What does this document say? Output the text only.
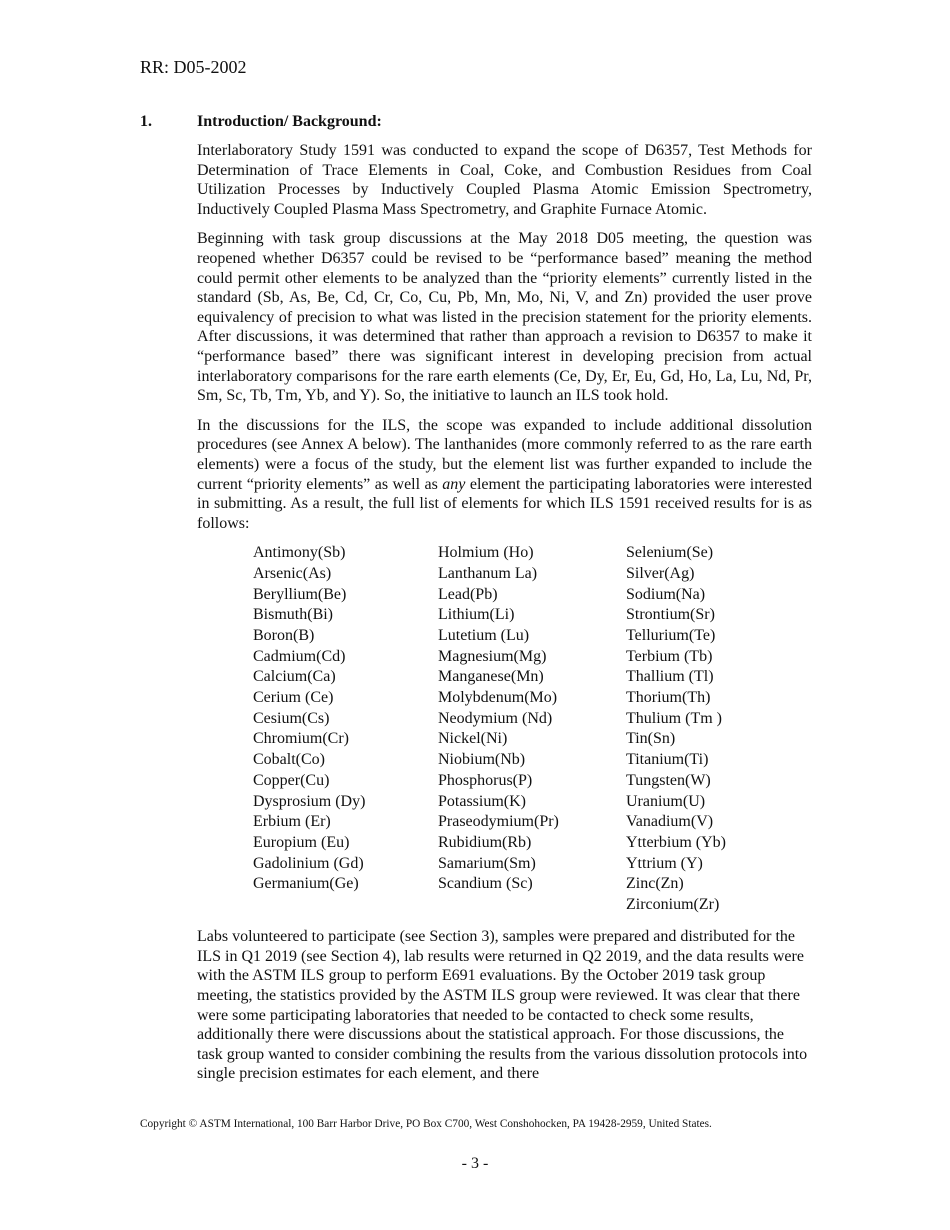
RR: D05-2002
1.	Introduction/ Background:

Interlaboratory Study 1591 was conducted to expand the scope of D6357, Test Methods for Determination of Trace Elements in Coal, Coke, and Combustion Residues from Coal Utilization Processes by Inductively Coupled Plasma Atomic Emission Spectrometry, Inductively Coupled Plasma Mass Spectrometry, and Graphite Furnace Atomic.

Beginning with task group discussions at the May 2018 D05 meeting, the question was reopened whether D6357 could be revised to be “performance based” meaning the method could permit other elements to be analyzed than the “priority elements” currently listed in the standard (Sb, As, Be, Cd, Cr, Co, Cu, Pb, Mn, Mo, Ni, V, and Zn) provided the user prove equivalency of precision to what was listed in the precision statement for the priority elements. After discussions, it was determined that rather than approach a revision to D6357 to make it “performance based” there was significant interest in developing precision from actual interlaboratory comparisons for the rare earth elements (Ce, Dy, Er, Eu, Gd, Ho, La, Lu, Nd, Pr, Sm, Sc, Tb, Tm, Yb, and Y). So, the initiative to launch an ILS took hold.

In the discussions for the ILS, the scope was expanded to include additional dissolution procedures (see Annex A below). The lanthanides (more commonly referred to as the rare earth elements) were a focus of the study, but the element list was further expanded to include the current “priority elements” as well as any element the participating laboratories were interested in submitting. As a result, the full list of elements for which ILS 1591 received results for is as follows:

Antimony(Sb)
Arsenic(As)
Beryllium(Be)
Bismuth(Bi)
Boron(B)
Cadmium(Cd)
Calcium(Ca)
Cerium (Ce)
Cesium(Cs)
Chromium(Cr)
Cobalt(Co)
Copper(Cu)
Dysprosium (Dy)
Erbium (Er)
Europium (Eu)
Gadolinium (Gd)
Germanium(Ge)
Holmium (Ho)
Lanthanum La)
Lead(Pb)
Lithium(Li)
Lutetium (Lu)
Magnesium(Mg)
Manganese(Mn)
Molybdenum(Mo)
Neodymium (Nd)
Nickel(Ni)
Niobium(Nb)
Phosphorus(P)
Potassium(K)
Praseodymium(Pr)
Rubidium(Rb)
Samarium(Sm)
Scandium (Sc)
Selenium(Se)
Silver(Ag)
Sodium(Na)
Strontium(Sr)
Tellurium(Te)
Terbium (Tb)
Thallium (Tl)
Thorium(Th)
Thulium (Tm )
Tin(Sn)
Titanium(Ti)
Tungsten(W)
Uranium(U)
Vanadium(V)
Ytterbium (Yb)
Yttrium (Y)
Zinc(Zn)
Zirconium(Zr)

Labs volunteered to participate (see Section 3), samples were prepared and distributed for the ILS in Q1 2019 (see Section 4), lab results were returned in Q2 2019, and the data results were with the ASTM ILS group to perform E691 evaluations. By the October 2019 task group meeting, the statistics provided by the ASTM ILS group were reviewed. It was clear that there were some participating laboratories that needed to be contacted to check some results, additionally there were discussions about the statistical approach. For those discussions, the task group wanted to consider combining the results from the various dissolution protocols into single precision estimates for each element, and there

Copyright © ASTM International, 100 Barr Harbor Drive, PO Box C700, West Conshohocken, PA 19428-2959, United States.
- 3 -
